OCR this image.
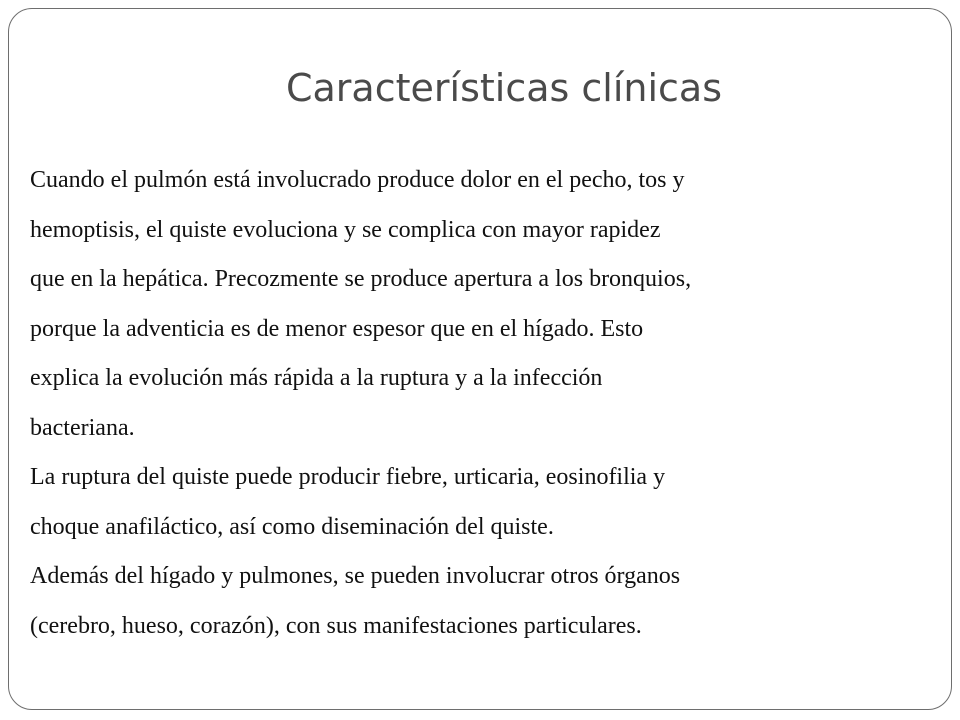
Características clínicas
Cuando el pulmón está involucrado produce dolor en el pecho, tos y
hemoptisis, el quiste evoluciona y se complica con mayor rapidez
que en la hepática. Precozmente se produce apertura a los bronquios,
porque la adventicia es de menor espesor que en el hígado. Esto
explica la evolución más rápida a la ruptura y a la infección
bacteriana.
La ruptura del quiste puede producir fiebre, urticaria, eosinofilia y
choque anafiláctico, así como diseminación del quiste.
Además del hígado y pulmones, se pueden involucrar otros órganos
(cerebro, hueso, corazón), con sus manifestaciones particulares.
